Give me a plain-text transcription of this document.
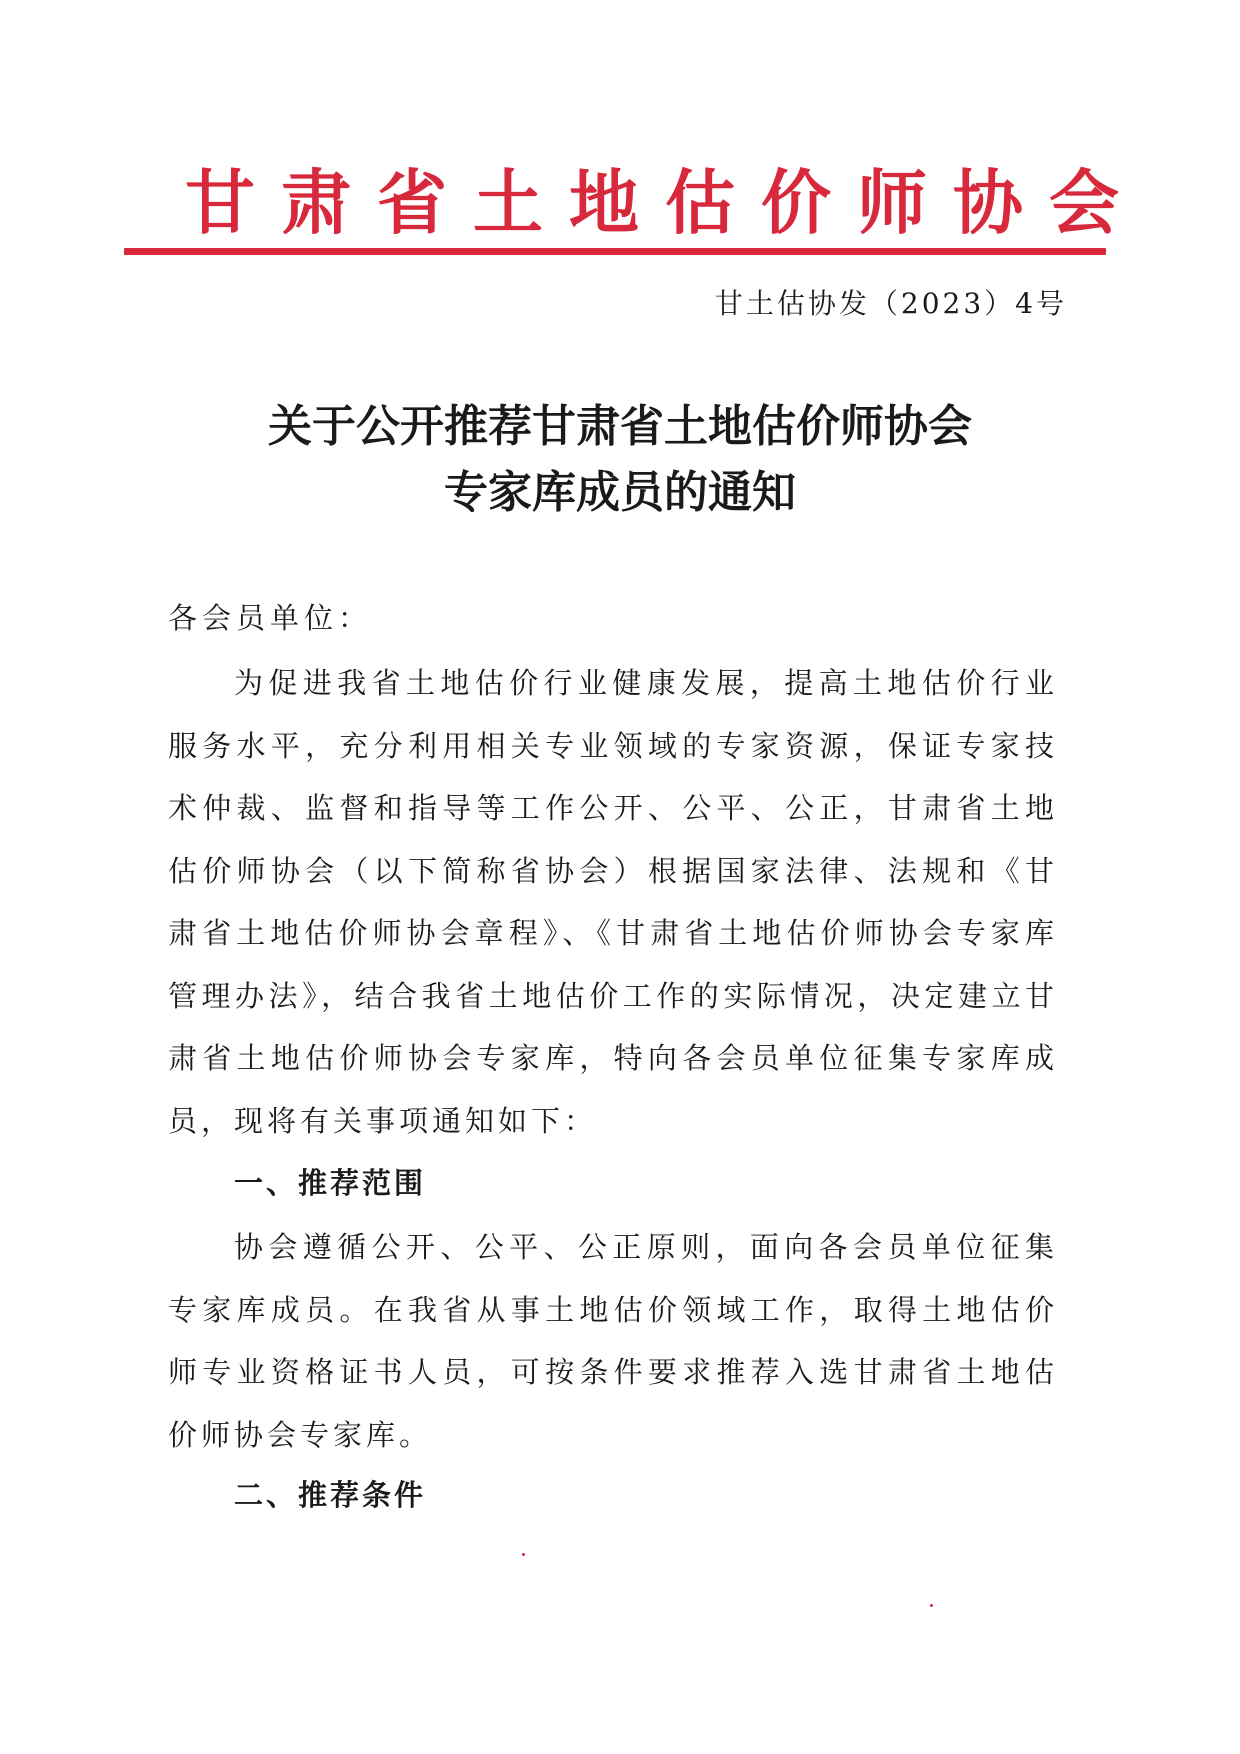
甘肃省土地估价师协会
甘土估协发（2023）4号
关于公开推荐甘肃省土地估价师协会
专家库成员的通知
各会员单位：
为促进我省土地估价行业健康发展，提高土地估价行业服务水平，充分利用相关专业领域的专家资源，保证专家技术仲裁、监督和指导等工作公开、公平、公正，甘肃省土地估价师协会（以下简称省协会）根据国家法律、法规和《甘肃省土地估价师协会章程》、《甘肃省土地估价师协会专家库管理办法》，结合我省土地估价工作的实际情况，决定建立甘肃省土地估价师协会专家库，特向各会员单位征集专家库成员，现将有关事项通知如下：
一、推荐范围
协会遵循公开、公平、公正原则，面向各会员单位征集专家库成员。在我省从事土地估价领域工作，取得土地估价师专业资格证书人员，可按条件要求推荐入选甘肃省土地估价师协会专家库。
二、推荐条件
